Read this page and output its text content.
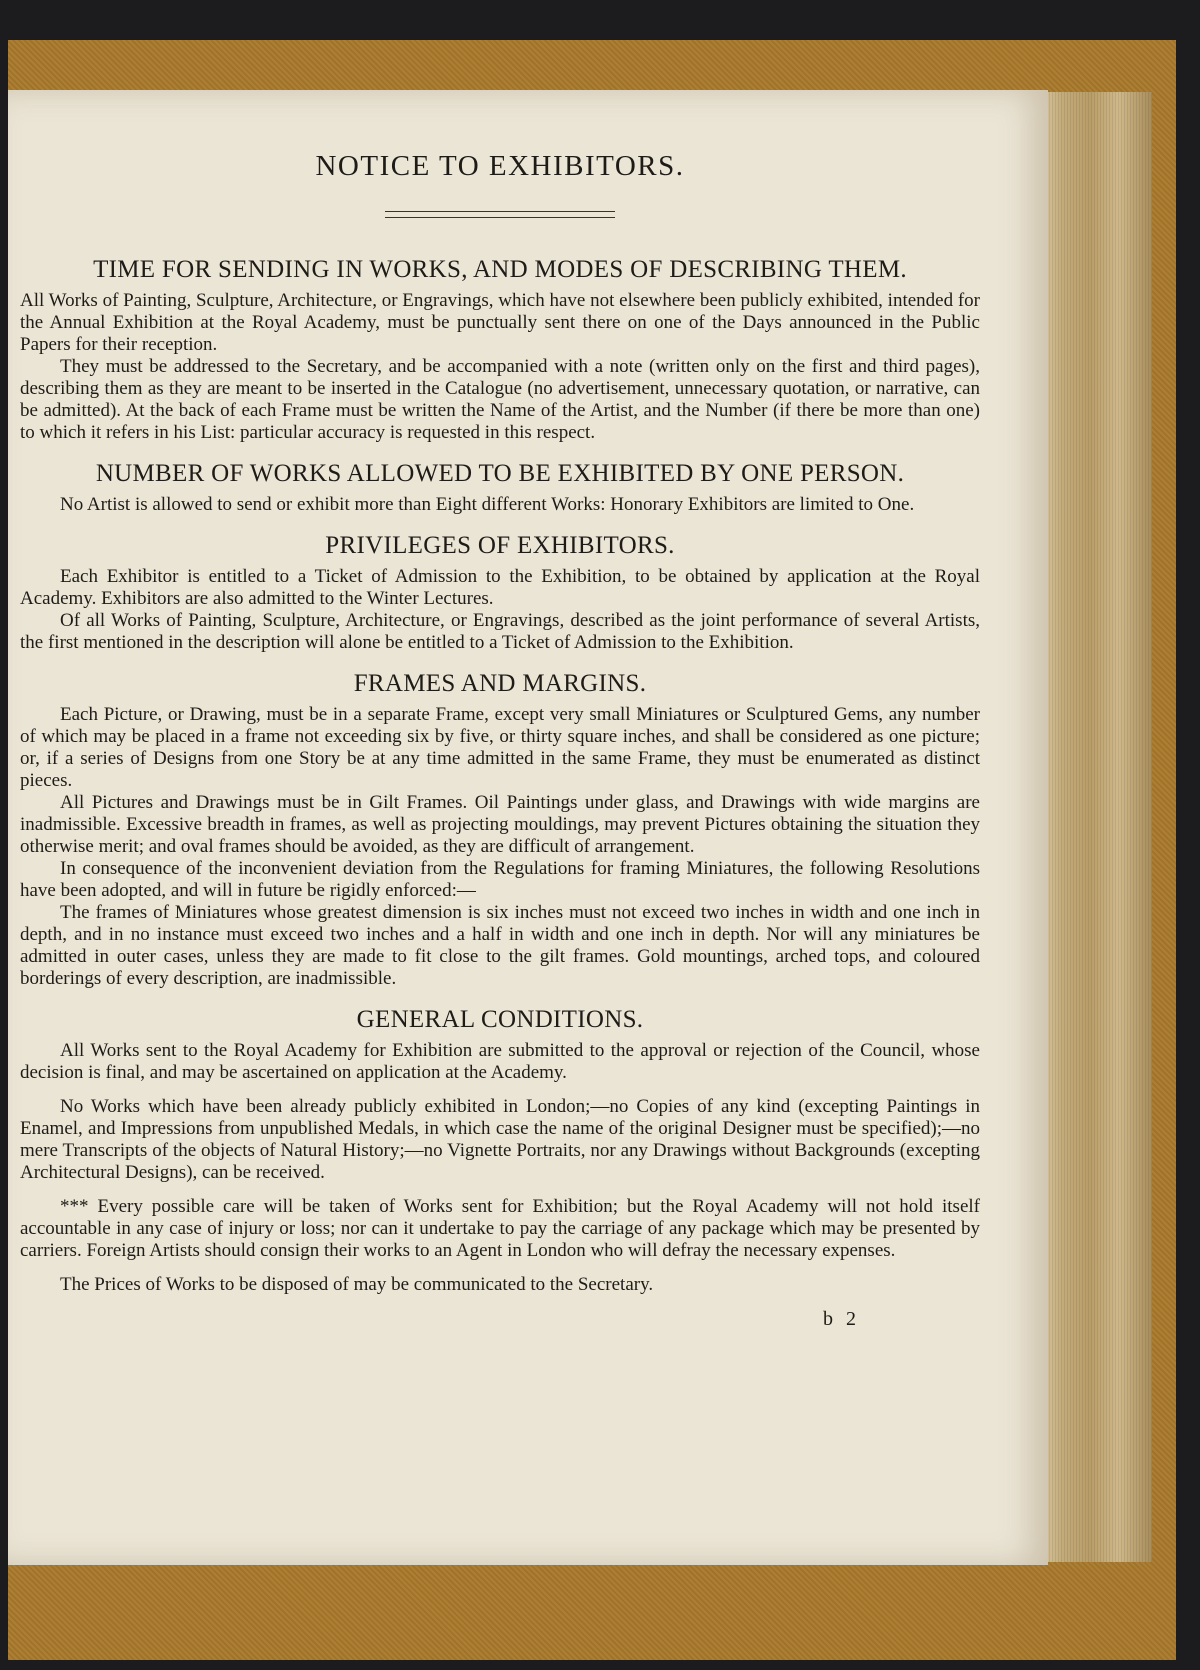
NOTICE TO EXHIBITORS.
TIME FOR SENDING IN WORKS, AND MODES OF DESCRIBING THEM.

All Works of Painting, Sculpture, Architecture, or Engravings, which have not elsewhere been publicly exhibited, intended for the Annual Exhibition at the Royal Academy, must be punctually sent there on one of the Days announced in the Public Papers for their reception.

They must be addressed to the Secretary, and be accompanied with a note (written only on the first and third pages), describing them as they are meant to be inserted in the Catalogue (no advertisement, unnecessary quotation, or narrative, can be admitted). At the back of each Frame must be written the Name of the Artist, and the Number (if there be more than one) to which it refers in his List: particular accuracy is requested in this respect.

NUMBER OF WORKS ALLOWED TO BE EXHIBITED BY ONE PERSON.

No Artist is allowed to send or exhibit more than Eight different Works: Honorary Exhibitors are limited to One.

PRIVILEGES OF EXHIBITORS.

Each Exhibitor is entitled to a Ticket of Admission to the Exhibition, to be obtained by application at the Royal Academy. Exhibitors are also admitted to the Winter Lectures.

Of all Works of Painting, Sculpture, Architecture, or Engravings, described as the joint performance of several Artists, the first mentioned in the description will alone be entitled to a Ticket of Admission to the Exhibition.

FRAMES AND MARGINS.

Each Picture, or Drawing, must be in a separate Frame, except very small Miniatures or Sculptured Gems, any number of which may be placed in a frame not exceeding six by five, or thirty square inches, and shall be considered as one picture; or, if a series of Designs from one Story be at any time admitted in the same Frame, they must be enumerated as distinct pieces.

All Pictures and Drawings must be in Gilt Frames. Oil Paintings under glass, and Drawings with wide margins are inadmissible. Excessive breadth in frames, as well as projecting mouldings, may prevent Pictures obtaining the situation they otherwise merit; and oval frames should be avoided, as they are difficult of arrangement.

In consequence of the inconvenient deviation from the Regulations for framing Miniatures, the following Resolutions have been adopted, and will in future be rigidly enforced:—

The frames of Miniatures whose greatest dimension is six inches must not exceed two inches in width and one inch in depth, and in no instance must exceed two inches and a half in width and one inch in depth. Nor will any miniatures be admitted in outer cases, unless they are made to fit close to the gilt frames. Gold mountings, arched tops, and coloured borderings of every description, are inadmissible.

GENERAL CONDITIONS.

All Works sent to the Royal Academy for Exhibition are submitted to the approval or rejection of the Council, whose decision is final, and may be ascertained on application at the Academy.

No Works which have been already publicly exhibited in London;—no Copies of any kind (excepting Paintings in Enamel, and Impressions from unpublished Medals, in which case the name of the original Designer must be specified);—no mere Transcripts of the objects of Natural History;—no Vignette Portraits, nor any Drawings without Backgrounds (excepting Architectural Designs), can be received.

*** Every possible care will be taken of Works sent for Exhibition; but the Royal Academy will not hold itself accountable in any case of injury or loss; nor can it undertake to pay the carriage of any package which may be presented by carriers. Foreign Artists should consign their works to an Agent in London who will defray the necessary expenses.

The Prices of Works to be disposed of may be communicated to the Secretary.

b 2
